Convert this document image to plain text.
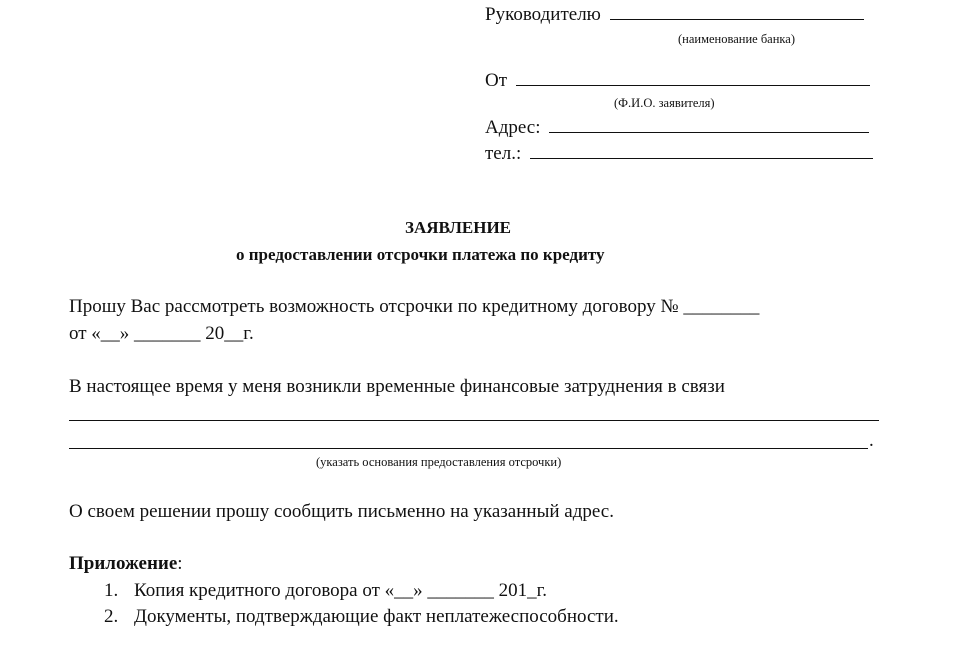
Руководителю
(наименование банка)
От
(Ф.И.О. заявителя)
Адрес:
тел.:
ЗАЯВЛЕНИЕ
о предоставлении отсрочки платежа по кредиту
Прошу Вас рассмотреть возможность отсрочки по кредитному договору № ________
от «__» _______ 20__г.
В настоящее время у меня возникли временные финансовые затруднения в связи
.
(указать основания предоставления отсрочки)
О своем решении прошу сообщить письменно на указанный адрес.
Приложение:
1. Копия кредитного договора от «__» _______ 201_г.
2. Документы, подтверждающие факт неплатежеспособности.
